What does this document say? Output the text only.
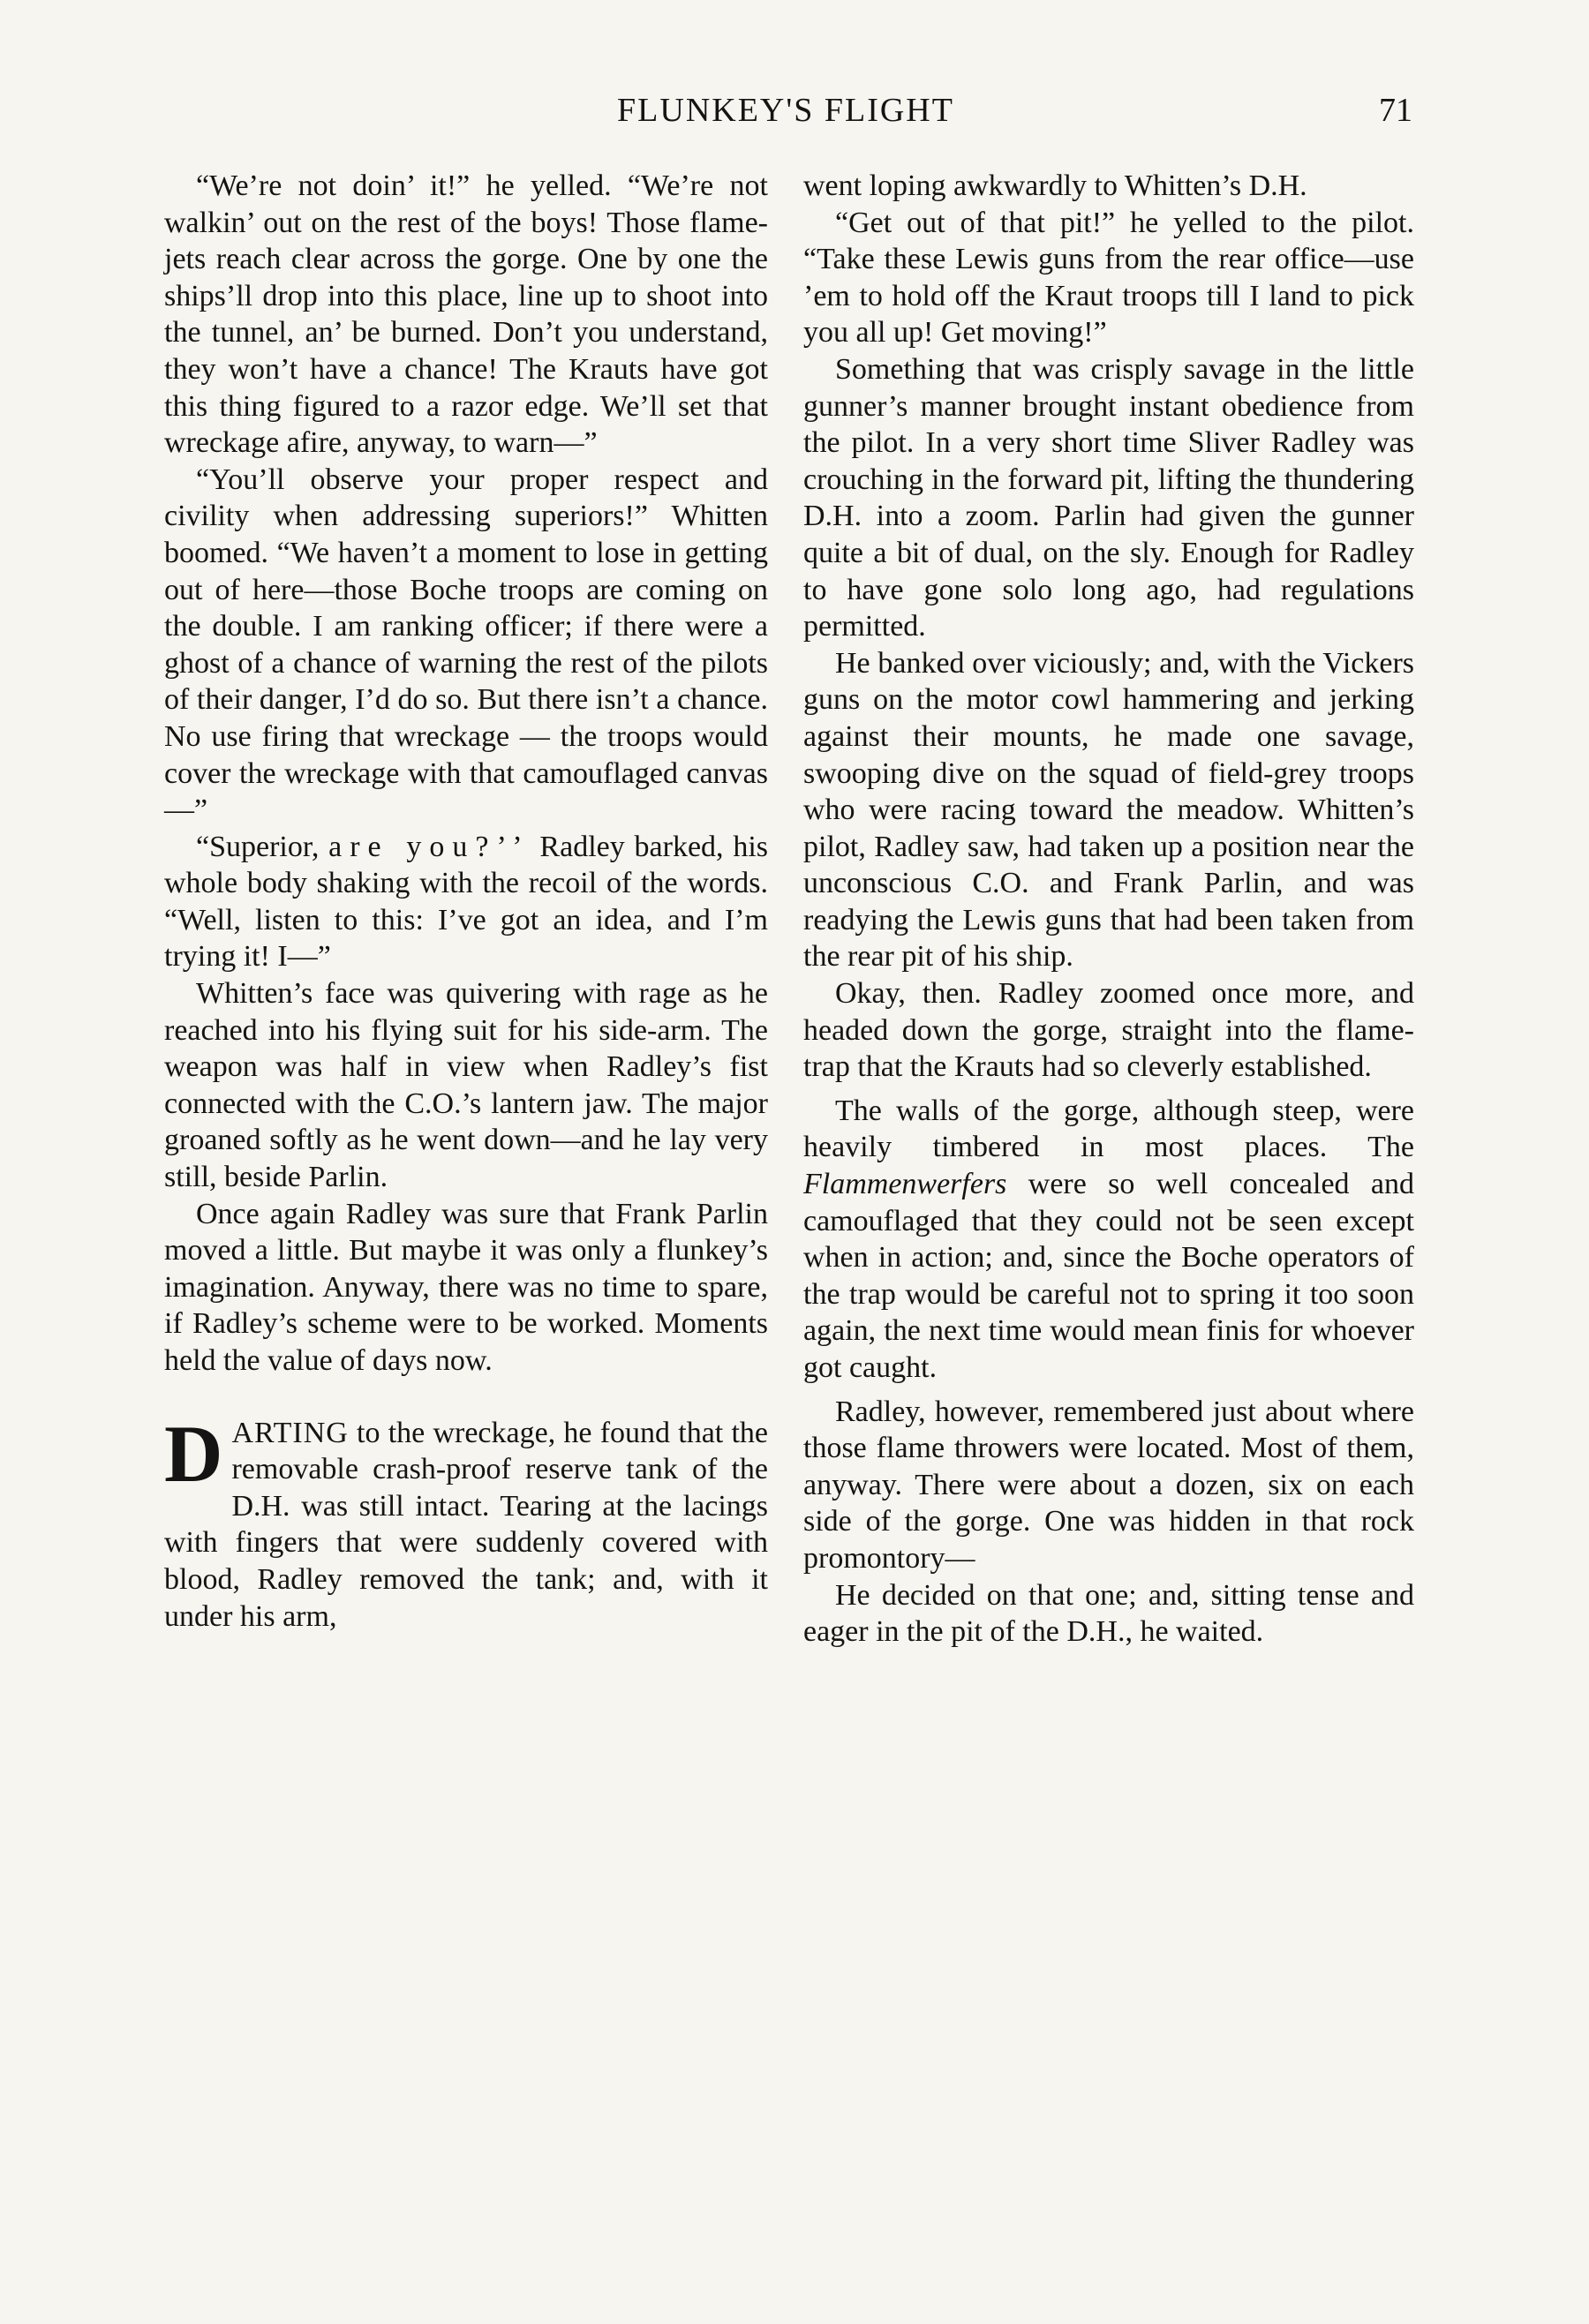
FLUNKEY'S FLIGHT	71

“We’re not doin’ it!” he yelled. “We’re not walkin’ out on the rest of the boys! Those flame-jets reach clear across the gorge. One by one the ships’ll drop into this place, line up to shoot into the tunnel, an’ be burned. Don’t you understand, they won’t have a chance! The Krauts have got this thing figured to a razor edge. We’ll set that wreckage afire, anyway, to warn—”

“You’ll observe your proper respect and civility when addressing superiors!” Whitten boomed. “We haven’t a moment to lose in getting out of here—those Boche troops are coming on the double. I am ranking officer; if there were a ghost of a chance of warning the rest of the pilots of their danger, I’d do so. But there isn’t a chance. No use firing that wreckage — the troops would cover the wreckage with that camouflaged canvas—”

“Superior, are you?’’ Radley barked, his whole body shaking with the recoil of the words. “Well, listen to this: I’ve got an idea, and I’m trying it! I—”

Whitten’s face was quivering with rage as he reached into his flying suit for his side-arm. The weapon was half in view when Radley’s fist connected with the C.O.’s lantern jaw. The major groaned softly as he went down—and he lay very still, beside Parlin.

Once again Radley was sure that Frank Parlin moved a little. But maybe it was only a flunkey’s imagination. Anyway, there was no time to spare, if Radley’s scheme were to be worked. Moments held the value of days now.

DARTING to the wreckage, he found that the removable crash-proof reserve tank of the D.H. was still intact. Tearing at the lacings with fingers that were suddenly covered with blood, Radley removed the tank; and, with it under his arm,

went loping awkwardly to Whitten’s D.H.

“Get out of that pit!” he yelled to the pilot. “Take these Lewis guns from the rear office—use ’em to hold off the Kraut troops till I land to pick you all up! Get moving!”

Something that was crisply savage in the little gunner’s manner brought instant obedience from the pilot. In a very short time Sliver Radley was crouching in the forward pit, lifting the thundering D.H. into a zoom. Parlin had given the gunner quite a bit of dual, on the sly. Enough for Radley to have gone solo long ago, had regulations permitted.

He banked over viciously; and, with the Vickers guns on the motor cowl hammering and jerking against their mounts, he made one savage, swooping dive on the squad of field-grey troops who were racing toward the meadow. Whitten’s pilot, Radley saw, had taken up a position near the unconscious C.O. and Frank Parlin, and was readying the Lewis guns that had been taken from the rear pit of his ship.

Okay, then. Radley zoomed once more, and headed down the gorge, straight into the flame-trap that the Krauts had so cleverly established.

The walls of the gorge, although steep, were heavily timbered in most places. The Flammenwerfers were so well concealed and camouflaged that they could not be seen except when in action; and, since the Boche operators of the trap would be careful not to spring it too soon again, the next time would mean finis for whoever got caught.

Radley, however, remembered just about where those flame throwers were located. Most of them, anyway. There were about a dozen, six on each side of the gorge. One was hidden in that rock promontory—

He decided on that one; and, sitting tense and eager in the pit of the D.H., he waited.
